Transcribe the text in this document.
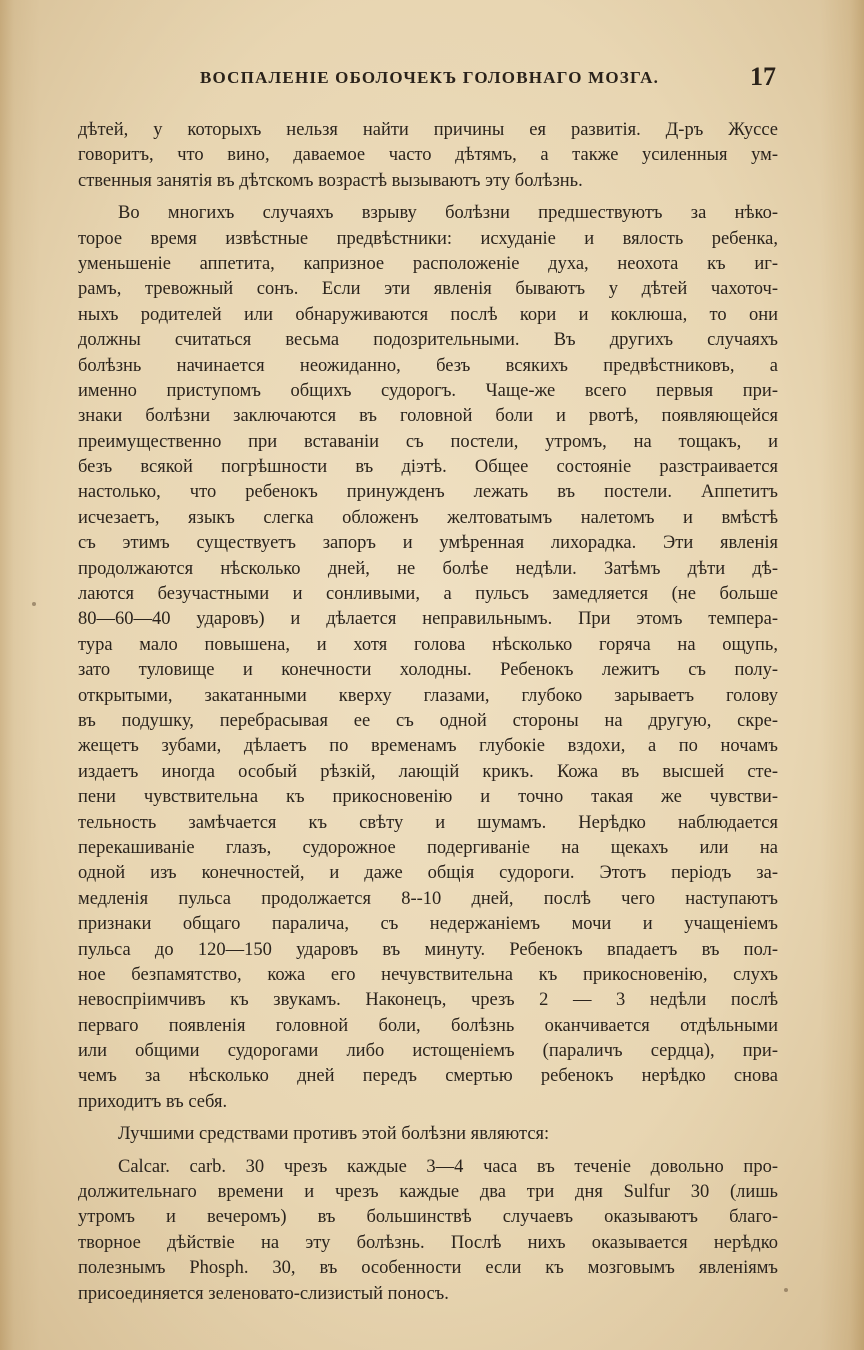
ВОСПАЛЕНІЕ ОБОЛОЧЕКЪ ГОЛОВНАГО МОЗГА.	17
дѣтей, у которыхъ нельзя найти причины ея развитія. Д-ръ Жуссе
говоритъ, что вино, даваемое часто дѣтямъ, а также усиленныя ум-
ственныя занятія въ дѣтскомъ возрастѣ вызываютъ эту болѣзнь.
Во многихъ случаяхъ взрыву болѣзни предшествуютъ за нѣко-
торое время извѣстные предвѣстники: исхуданіе и вялость ребенка,
уменьшеніе аппетита, капризное расположеніе духа, неохота къ иг-
рамъ, тревожный сонъ. Если эти явленія бываютъ у дѣтей чахоточ-
ныхъ родителей или обнаруживаются послѣ кори и коклюша, то они
должны считаться весьма подозрительными. Въ другихъ случаяхъ
болѣзнь начинается неожиданно, безъ всякихъ предвѣстниковъ, а
именно приступомъ общихъ судорогъ. Чаще-же всего первыя при-
знаки болѣзни заключаются въ головной боли и рвотѣ, появляющейся
преимущественно при вставаніи съ постели, утромъ, на тощакъ, и
безъ всякой погрѣшности въ діэтѣ. Общее состояніе разстраивается
настолько, что ребенокъ принужденъ лежать въ постели. Аппетитъ
исчезаетъ, языкъ слегка обложенъ желтоватымъ налетомъ и вмѣстѣ
съ этимъ существуетъ запоръ и умѣренная лихорадка. Эти явленія
продолжаются нѣсколько дней, не болѣе недѣли. Затѣмъ дѣти дѣ-
лаются безучастными и сонливыми, а пульсъ замедляется (не больше
80—60—40 ударовъ) и дѣлается неправильнымъ. При этомъ темпера-
тура мало повышена, и хотя голова нѣсколько горяча на ощупь,
зато туловище и конечности холодны. Ребенокъ лежитъ съ полу-
открытыми, закатанными кверху глазами, глубоко зарываетъ голову
въ подушку, перебрасывая ее съ одной стороны на другую, скре-
жещетъ зубами, дѣлаетъ по временамъ глубокіе вздохи, а по ночамъ
издаетъ иногда особый рѣзкій, лающій крикъ. Кожа въ высшей сте-
пени чувствительна къ прикосновенію и точно такая же чувстви-
тельность замѣчается къ свѣту и шумамъ. Нерѣдко наблюдается
перекашиваніе глазъ, судорожное подергиваніе на щекахъ или на
одной изъ конечностей, и даже общія судороги. Этотъ періодъ за-
медленія пульса продолжается 8--10 дней, послѣ чего наступаютъ
признаки общаго паралича, съ недержаніемъ мочи и учащеніемъ
пульса до 120—150 ударовъ въ минуту. Ребенокъ впадаетъ въ пол-
ное безпамятство, кожа его нечувствительна къ прикосновенію, слухъ
невоспріимчивъ къ звукамъ. Наконецъ, чрезъ 2 — 3 недѣли послѣ
перваго появленія головной боли, болѣзнь оканчивается отдѣльными
или общими судорогами либо истощеніемъ (параличъ сердца), при-
чемъ за нѣсколько дней передъ смертью ребенокъ нерѣдко снова
приходитъ въ себя.
Лучшими средствами противъ этой болѣзни являются:
Calcar. carb. 30 чрезъ каждые 3—4 часа въ теченіе довольно про-
должительнаго времени и чрезъ каждые два три дня Sulfur 30 (лишь
утромъ и вечеромъ) въ большинствѣ случаевъ оказываютъ благо-
творное дѣйствіе на эту болѣзнь. Послѣ нихъ оказывается нерѣдко
полезнымъ Phosph. 30, въ особенности если къ мозговымъ явленіямъ
присоединяется зеленовато-слизистый поносъ.
